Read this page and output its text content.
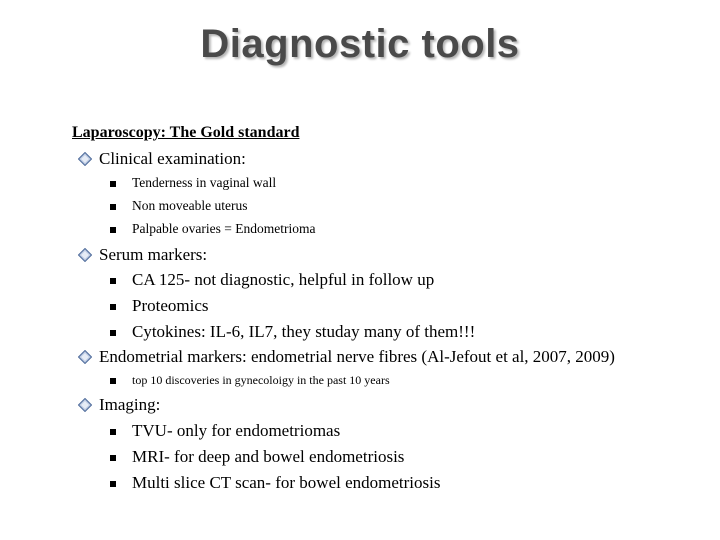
Diagnostic tools
Laparoscopy: The Gold standard
Clinical examination:
Tenderness in vaginal wall
Non moveable uterus
Palpable ovaries = Endometrioma
Serum markers:
CA 125- not diagnostic, helpful in follow up
Proteomics
Cytokines: IL-6, IL7, they studay many of them!!!
Endometrial markers: endometrial nerve fibres (Al-Jefout et al, 2007, 2009)
top 10 discoveries in gynecoloigy in the past 10 years
Imaging:
TVU- only for endometriomas
MRI- for deep and bowel endometriosis
Multi slice CT scan- for bowel endometriosis
